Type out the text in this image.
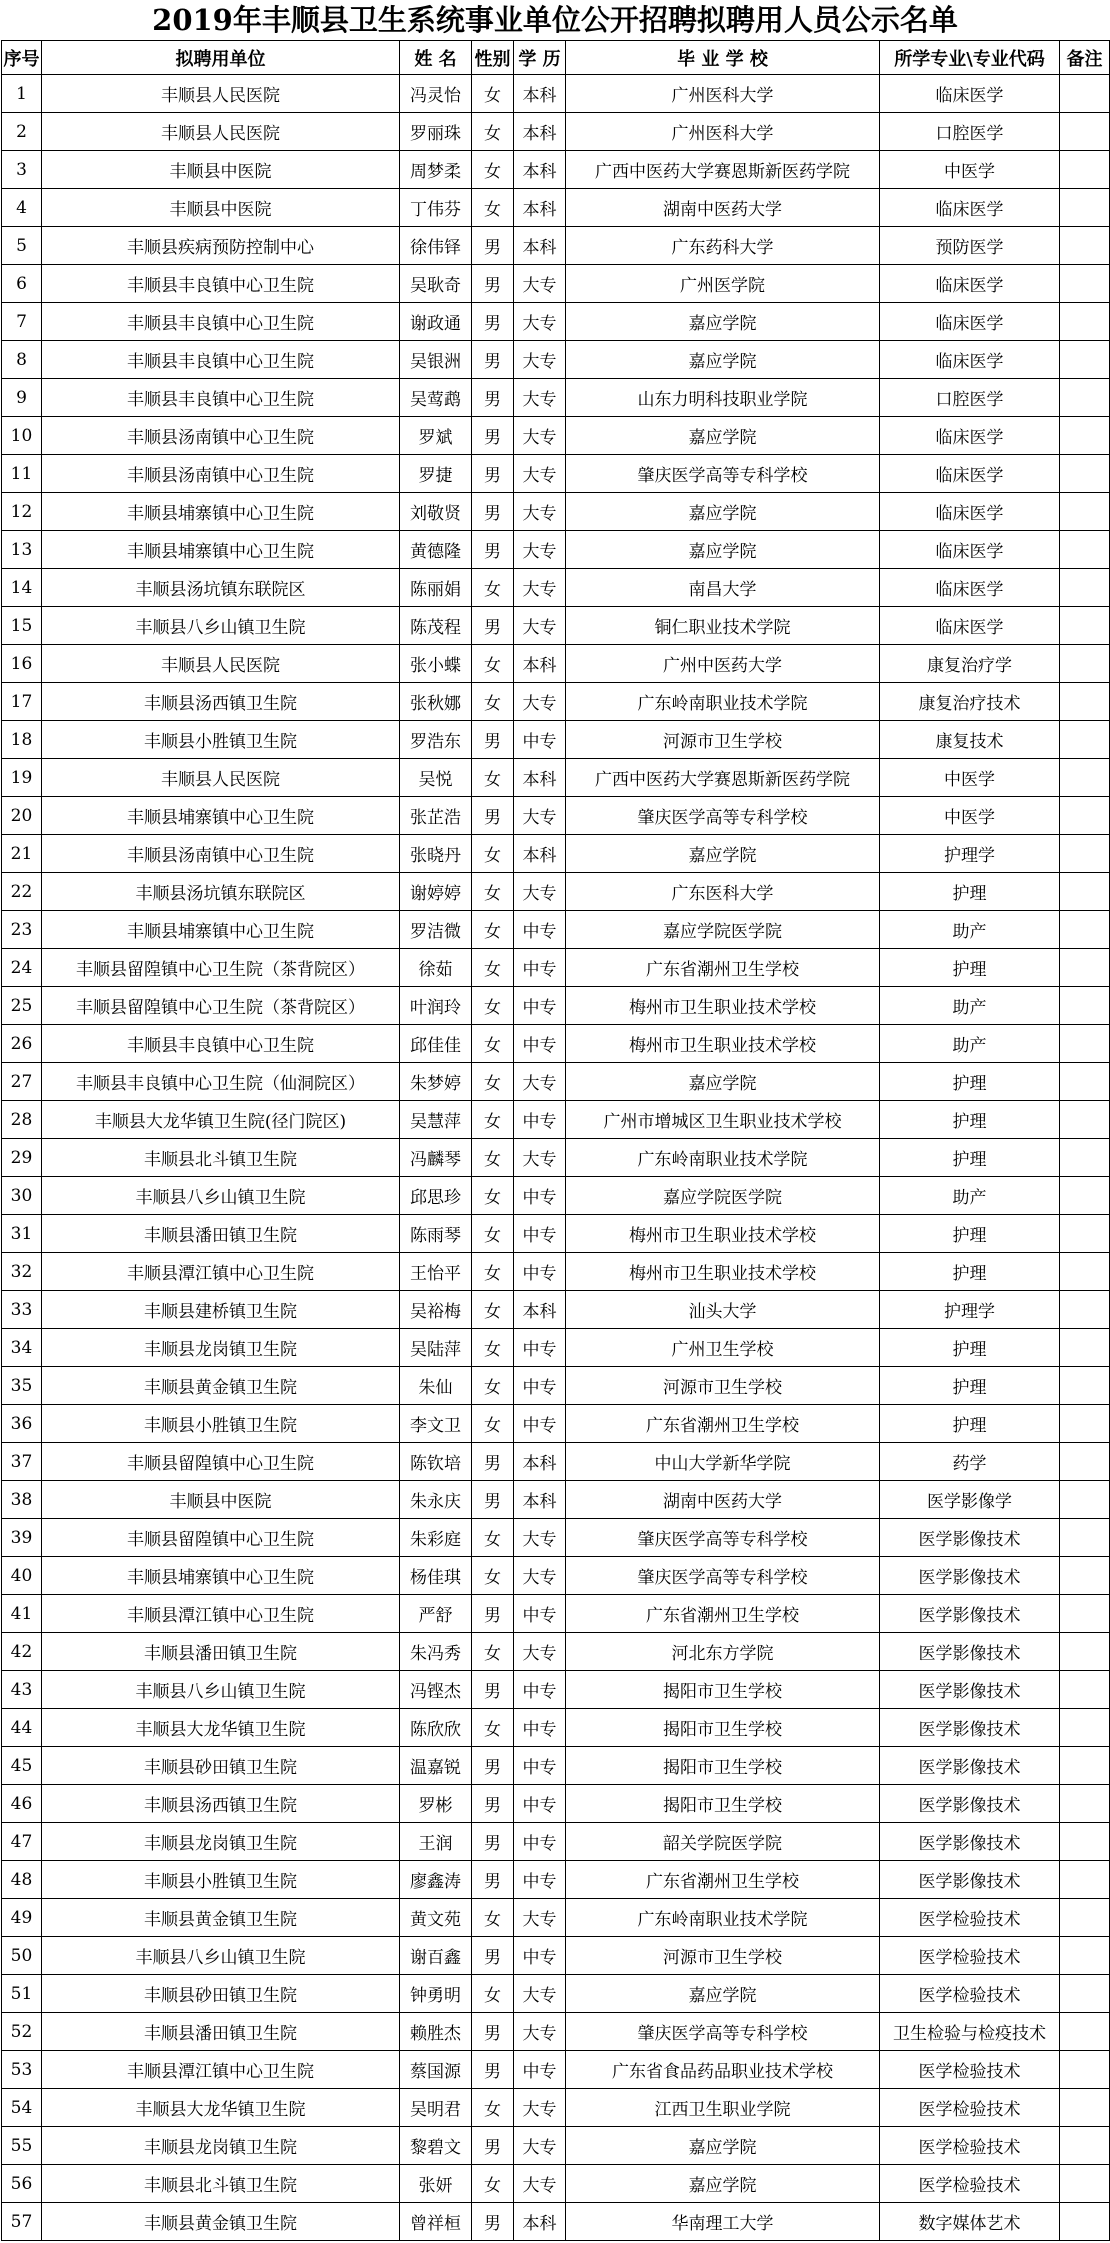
2019年丰顺县卫生系统事业单位公开招聘拟聘用人员公示名单
序号	拟聘用单位	姓 名	性别	学 历	毕 业 学 校	所学专业\专业代码	备注
1	丰顺县人民医院	冯灵怡	女	本科	广州医科大学	临床医学	
2	丰顺县人民医院	罗丽珠	女	本科	广州医科大学	口腔医学	
3	丰顺县中医院	周梦柔	女	本科	广西中医药大学赛恩斯新医药学院	中医学	
4	丰顺县中医院	丁伟芬	女	本科	湖南中医药大学	临床医学	
5	丰顺县疾病预防控制中心	徐伟铎	男	本科	广东药科大学	预防医学	
6	丰顺县丰良镇中心卫生院	吴耿奇	男	大专	广州医学院	临床医学	
7	丰顺县丰良镇中心卫生院	谢政通	男	大专	嘉应学院	临床医学	
8	丰顺县丰良镇中心卫生院	吴银洲	男	大专	嘉应学院	临床医学	
9	丰顺县丰良镇中心卫生院	吴莺鹉	男	大专	山东力明科技职业学院	口腔医学	
10	丰顺县汤南镇中心卫生院	罗斌	男	大专	嘉应学院	临床医学	
11	丰顺县汤南镇中心卫生院	罗捷	男	大专	肇庆医学高等专科学校	临床医学	
12	丰顺县埔寨镇中心卫生院	刘敬贤	男	大专	嘉应学院	临床医学	
13	丰顺县埔寨镇中心卫生院	黄德隆	男	大专	嘉应学院	临床医学	
14	丰顺县汤坑镇东联院区	陈丽娟	女	大专	南昌大学	临床医学	
15	丰顺县八乡山镇卫生院	陈茂程	男	大专	铜仁职业技术学院	临床医学	
16	丰顺县人民医院	张小蝶	女	本科	广州中医药大学	康复治疗学	
17	丰顺县汤西镇卫生院	张秋娜	女	大专	广东岭南职业技术学院	康复治疗技术	
18	丰顺县小胜镇卫生院	罗浩东	男	中专	河源市卫生学校	康复技术	
19	丰顺县人民医院	吴悦	女	本科	广西中医药大学赛恩斯新医药学院	中医学	
20	丰顺县埔寨镇中心卫生院	张芷浩	男	大专	肇庆医学高等专科学校	中医学	
21	丰顺县汤南镇中心卫生院	张晓丹	女	本科	嘉应学院	护理学	
22	丰顺县汤坑镇东联院区	谢婷婷	女	大专	广东医科大学	护理	
23	丰顺县埔寨镇中心卫生院	罗洁微	女	中专	嘉应学院医学院	助产	
24	丰顺县留隍镇中心卫生院（茶背院区）	徐茹	女	中专	广东省潮州卫生学校	护理	
25	丰顺县留隍镇中心卫生院（茶背院区）	叶润玲	女	中专	梅州市卫生职业技术学校	助产	
26	丰顺县丰良镇中心卫生院	邱佳佳	女	中专	梅州市卫生职业技术学校	助产	
27	丰顺县丰良镇中心卫生院（仙洞院区）	朱梦婷	女	大专	嘉应学院	护理	
28	丰顺县大龙华镇卫生院(径门院区)	吴慧萍	女	中专	广州市增城区卫生职业技术学校	护理	
29	丰顺县北斗镇卫生院	冯麟琴	女	大专	广东岭南职业技术学院	护理	
30	丰顺县八乡山镇卫生院	邱思珍	女	中专	嘉应学院医学院	助产	
31	丰顺县潘田镇卫生院	陈雨琴	女	中专	梅州市卫生职业技术学校	护理	
32	丰顺县潭江镇中心卫生院	王怡平	女	中专	梅州市卫生职业技术学校	护理	
33	丰顺县建桥镇卫生院	吴裕梅	女	本科	汕头大学	护理学	
34	丰顺县龙岗镇卫生院	吴陆萍	女	中专	广州卫生学校	护理	
35	丰顺县黄金镇卫生院	朱仙	女	中专	河源市卫生学校	护理	
36	丰顺县小胜镇卫生院	李文卫	女	中专	广东省潮州卫生学校	护理	
37	丰顺县留隍镇中心卫生院	陈钦培	男	本科	中山大学新华学院	药学	
38	丰顺县中医院	朱永庆	男	本科	湖南中医药大学	医学影像学	
39	丰顺县留隍镇中心卫生院	朱彩庭	女	大专	肇庆医学高等专科学校	医学影像技术	
40	丰顺县埔寨镇中心卫生院	杨佳琪	女	大专	肇庆医学高等专科学校	医学影像技术	
41	丰顺县潭江镇中心卫生院	严舒	男	中专	广东省潮州卫生学校	医学影像技术	
42	丰顺县潘田镇卫生院	朱冯秀	女	大专	河北东方学院	医学影像技术	
43	丰顺县八乡山镇卫生院	冯铿杰	男	中专	揭阳市卫生学校	医学影像技术	
44	丰顺县大龙华镇卫生院	陈欣欣	女	中专	揭阳市卫生学校	医学影像技术	
45	丰顺县砂田镇卫生院	温嘉锐	男	中专	揭阳市卫生学校	医学影像技术	
46	丰顺县汤西镇卫生院	罗彬	男	中专	揭阳市卫生学校	医学影像技术	
47	丰顺县龙岗镇卫生院	王润	男	中专	韶关学院医学院	医学影像技术	
48	丰顺县小胜镇卫生院	廖鑫涛	男	中专	广东省潮州卫生学校	医学影像技术	
49	丰顺县黄金镇卫生院	黄文苑	女	大专	广东岭南职业技术学院	医学检验技术	
50	丰顺县八乡山镇卫生院	谢百鑫	男	中专	河源市卫生学校	医学检验技术	
51	丰顺县砂田镇卫生院	钟勇明	女	大专	嘉应学院	医学检验技术	
52	丰顺县潘田镇卫生院	赖胜杰	男	大专	肇庆医学高等专科学校	卫生检验与检疫技术	
53	丰顺县潭江镇中心卫生院	蔡国源	男	中专	广东省食品药品职业技术学校	医学检验技术	
54	丰顺县大龙华镇卫生院	吴明君	女	大专	江西卫生职业学院	医学检验技术	
55	丰顺县龙岗镇卫生院	黎碧文	男	大专	嘉应学院	医学检验技术	
56	丰顺县北斗镇卫生院	张妍	女	大专	嘉应学院	医学检验技术	
57	丰顺县黄金镇卫生院	曾祥桓	男	本科	华南理工大学	数字媒体艺术	
